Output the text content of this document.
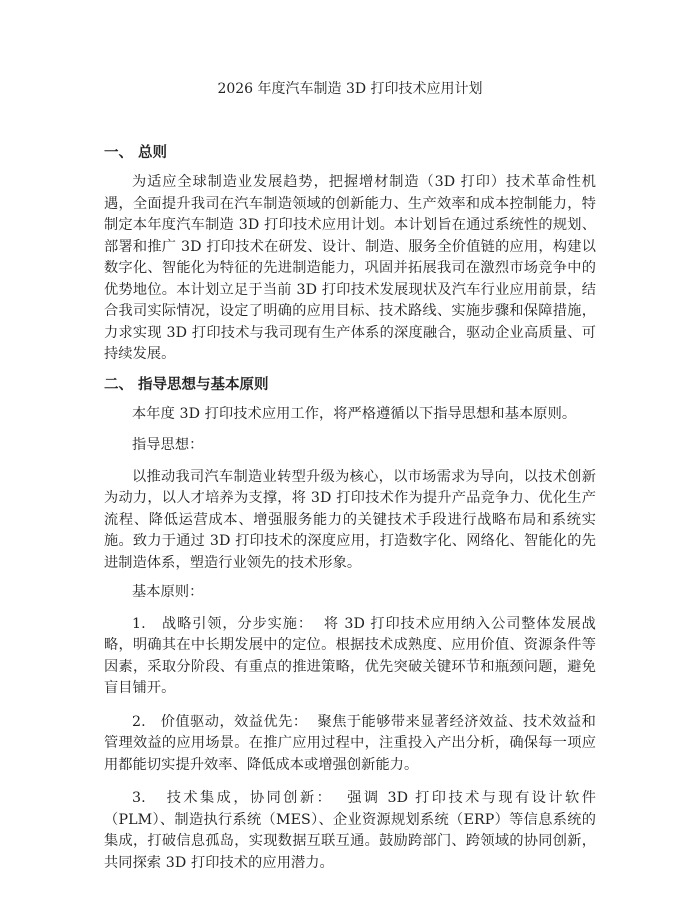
2026 年度汽车制造 3D 打印技术应用计划
一、 总则

为适应全球制造业发展趋势，把握增材制造（3D 打印）技术革命性机遇，全面提升我司在汽车制造领域的创新能力、生产效率和成本控制能力，特制定本年度汽车制造 3D 打印技术应用计划。本计划旨在通过系统性的规划、部署和推广 3D 打印技术在研发、设计、制造、服务全价值链的应用，构建以数字化、智能化为特征的先进制造能力，巩固并拓展我司在激烈市场竞争中的优势地位。本计划立足于当前 3D 打印技术发展现状及汽车行业应用前景，结合我司实际情况，设定了明确的应用目标、技术路线、实施步骤和保障措施，力求实现 3D 打印技术与我司现有生产体系的深度融合，驱动企业高质量、可持续发展。

二、 指导思想与基本原则

本年度 3D 打印技术应用工作，将严格遵循以下指导思想和基本原则。

指导思想：

以推动我司汽车制造业转型升级为核心，以市场需求为导向，以技术创新为动力，以人才培养为支撑，将 3D 打印技术作为提升产品竞争力、优化生产流程、降低运营成本、增强服务能力的关键技术手段进行战略布局和系统实施。致力于通过 3D 打印技术的深度应用，打造数字化、网络化、智能化的先进制造体系，塑造行业领先的技术形象。

基本原则：

1. 战略引领，分步实施： 将 3D 打印技术应用纳入公司整体发展战略，明确其在中长期发展中的定位。根据技术成熟度、应用价值、资源条件等因素，采取分阶段、有重点的推进策略，优先突破关键环节和瓶颈问题，避免盲目铺开。

2. 价值驱动，效益优先： 聚焦于能够带来显著经济效益、技术效益和管理效益的应用场景。在推广应用过程中，注重投入产出分析，确保每一项应用都能切实提升效率、降低成本或增强创新能力。

3. 技术集成，协同创新： 强调 3D 打印技术与现有设计软件（PLM）、制造执行系统（MES）、企业资源规划系统（ERP）等信息系统的集成，打破信息孤岛，实现数据互联互通。鼓励跨部门、跨领域的协同创新，共同探索 3D 打印技术的应用潜力。
